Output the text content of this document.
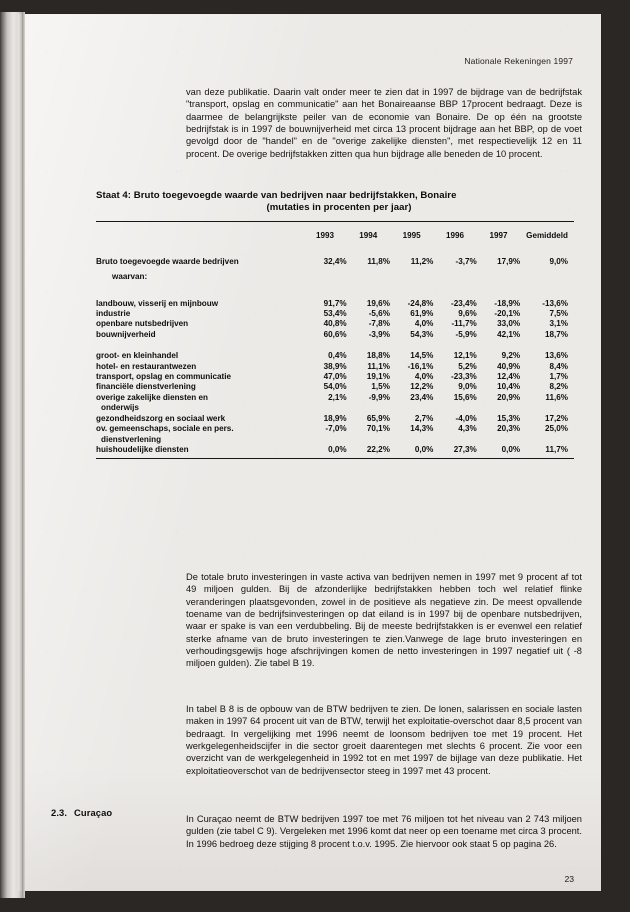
Nationale Rekeningen 1997

van deze publikatie. Daarin valt onder meer te zien dat in 1997 de bijdrage van de bedrijfstak "transport, opslag en communicatie" aan het Bonaireaanse BBP 17procent bedraagt. Deze is daarmee de belangrijkste peiler van de economie van Bonaire. De op één na grootste bedrijfstak is in 1997 de bouwnijverheid met circa 13 procent bijdrage aan het BBP, op de voet gevolgd door de "handel" en de "overige zakelijke diensten", met respectievelijk 12 en 11 procent. De overige bedrijfstakken zitten qua hun bijdrage alle beneden de 10 procent.

Staat 4: Bruto toegevoegde waarde van bedrijven naar bedrijfstakken, Bonaire
(mutaties in procenten per jaar)
	1993	1994	1995	1996	1997	Gemiddeld
Bruto toegevoegde waarde bedrijven	32,4%	11,8%	11,2%	-3,7%	17,9%	9,0%
waarvan:						
landbouw, visserij en mijnbouw	91,7%	19,6%	-24,8%	-23,4%	-18,9%	-13,6%
industrie	53,4%	-5,6%	61,9%	9,6%	-20,1%	7,5%
openbare nutsbedrijven	40,8%	-7,8%	4,0%	-11,7%	33,0%	3,1%
bouwnijverheid	60,6%	-3,9%	54,3%	-5,9%	42,1%	18,7%
groot- en kleinhandel	0,4%	18,8%	14,5%	12,1%	9,2%	13,6%
hotel- en restaurantwezen	38,9%	11,1%	-16,1%	5,2%	40,9%	8,4%
transport, opslag en communicatie	47,0%	19,1%	4,0%	-23,3%	12,4%	1,7%
financiële dienstverlening	54,0%	1,5%	12,2%	9,0%	10,4%	8,2%
overige zakelijke diensten en
onderwijs	2,1%	-9,9%	23,4%	15,6%	20,9%	11,6%
gezondheidszorg en sociaal werk	18,9%	65,9%	2,7%	-4,0%	15,3%	17,2%
ov. gemeenschaps, sociale en pers.
dienstverlening	-7,0%	70,1%	14,3%	4,3%	20,3%	25,0%
huishoudelijke diensten	0,0%	22,2%	0,0%	27,3%	0,0%	11,7%

De totale bruto investeringen in vaste activa van bedrijven nemen in 1997 met 9 procent af tot 49 miljoen gulden. Bij de afzonderlijke bedrijfstakken hebben toch wel relatief flinke veranderingen plaatsgevonden, zowel in de positieve als negatieve zin. De meest opvallende toename van de bedrijfsinvesteringen op dat eiland is in 1997 bij de openbare nutsbedrijven, waar er spake is van een verdubbeling. Bij de meeste bedrijfstakken is er evenwel een relatief sterke afname van de bruto investeringen te zien.Vanwege de lage bruto investeringen en verhoudingsgewijs hoge afschrijvingen komen de netto investeringen in 1997 negatief uit ( -8 miljoen gulden). Zie tabel B 19.

In tabel B 8 is de opbouw van de BTW bedrijven te zien. De lonen, salarissen en sociale lasten maken in 1997 64 procent uit van de BTW, terwijl het exploitatie-overschot daar 8,5 procent van bedraagt. In vergelijking met 1996 neemt de loonsom bedrijven toe met 19 procent. Het werkgelegenheidscijfer in die sector groeit daarentegen met slechts 6 procent. Zie voor een overzicht van de werkgelegenheid in 1992 tot en met 1997 de bijlage van deze publikatie. Het exploitatieoverschot van de bedrijvensector steeg in 1997 met 43 procent.

2.3. Curaçao

In Curaçao neemt de BTW bedrijven 1997 toe met 76 miljoen tot het niveau van 2 743 miljoen gulden (zie tabel C 9). Vergeleken met 1996 komt dat neer op een toename met circa 3 procent. In 1996 bedroeg deze stijging 8 procent t.o.v. 1995. Zie hiervoor ook staat 5 op pagina 26.

23
